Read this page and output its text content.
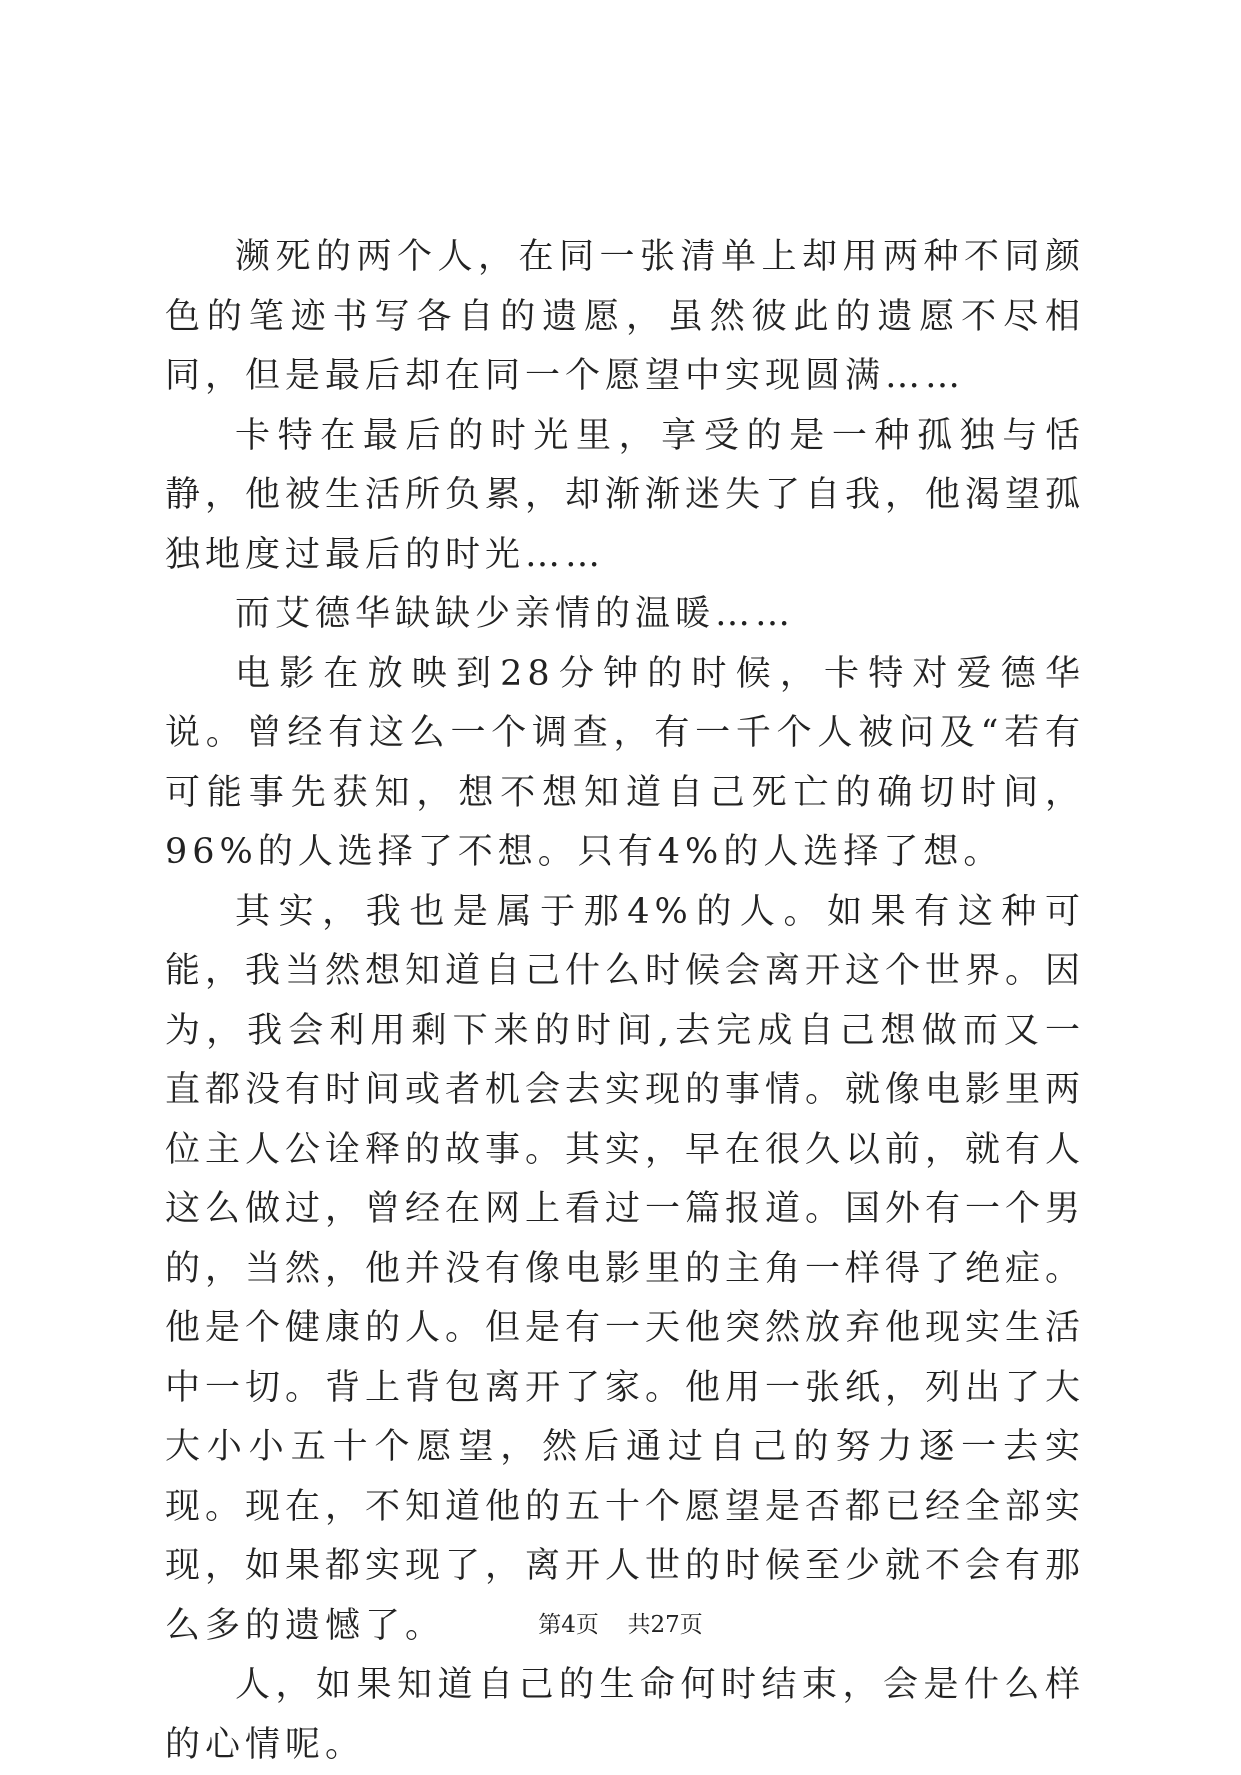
濒死的两个人，在同一张清单上却用两种不同颜色的笔迹书写各自的遗愿，虽然彼此的遗愿不尽相同，但是最后却在同一个愿望中实现圆满……

卡特在最后的时光里，享受的是一种孤独与恬静，他被生活所负累，却渐渐迷失了自我，他渴望孤独地度过最后的时光……

而艾德华缺缺少亲情的温暖……

电影在放映到28分钟的时候，卡特对爱德华说。曾经有这么一个调查，有一千个人被问及“若有可能事先获知，想不想知道自己死亡的确切时间，96%的人选择了不想。只有4%的人选择了想。

其实，我也是属于那4%的人。如果有这种可能，我当然想知道自己什么时候会离开这个世界。因为，我会利用剩下来的时间,去完成自己想做而又一直都没有时间或者机会去实现的事情。就像电影里两位主人公诠释的故事。其实，早在很久以前，就有人这么做过，曾经在网上看过一篇报道。国外有一个男的，当然，他并没有像电影里的主角一样得了绝症。他是个健康的人。但是有一天他突然放弃他现实生活中一切。背上背包离开了家。他用一张纸，列出了大大小小五十个愿望，然后通过自己的努力逐一去实现。现在，不知道他的五十个愿望是否都已经全部实现，如果都实现了，离开人世的时候至少就不会有那么多的遗憾了。

人，如果知道自己的生命何时结束，会是什么样的心情呢。

第4页 共27页
